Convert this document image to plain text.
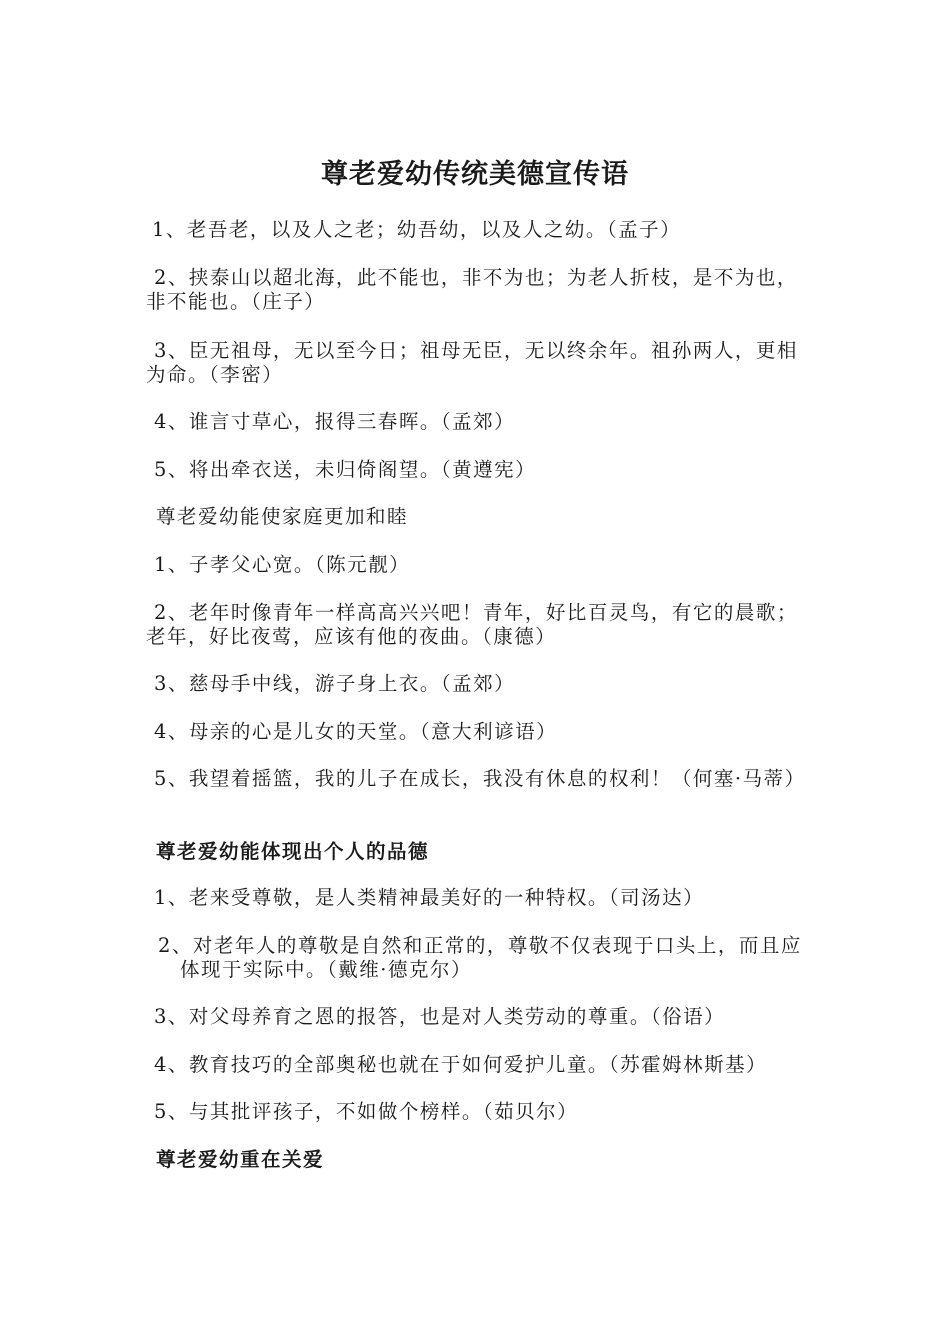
尊老爱幼传统美德宣传语
1、老吾老，以及人之老；幼吾幼，以及人之幼。（孟子）
2、挟泰山以超北海，此不能也，非不为也；为老人折枝，是不为也，非不能也。（庄子）
3、臣无祖母，无以至今日；祖母无臣，无以终余年。祖孙两人，更相为命。（李密）
4、谁言寸草心，报得三春晖。（孟郊）
5、将出牵衣送，未归倚阁望。（黄遵宪）
尊老爱幼能使家庭更加和睦
1、子孝父心宽。（陈元靓）
2、老年时像青年一样高高兴兴吧！青年，好比百灵鸟，有它的晨歌；老年，好比夜莺，应该有他的夜曲。（康德）
3、慈母手中线，游子身上衣。（孟郊）
4、母亲的心是儿女的天堂。（意大利谚语）
5、我望着摇篮，我的儿子在成长，我没有休息的权利！（何塞·马蒂）
尊老爱幼能体现出个人的品德
1、老来受尊敬，是人类精神最美好的一种特权。（司汤达）
2、对老年人的尊敬是自然和正常的，尊敬不仅表现于口头上，而且应体现于实际中。（戴维·德克尔）
3、对父母养育之恩的报答，也是对人类劳动的尊重。（俗语）
4、教育技巧的全部奥秘也就在于如何爱护儿童。（苏霍姆林斯基）
5、与其批评孩子，不如做个榜样。（茹贝尔）
尊老爱幼重在关爱
